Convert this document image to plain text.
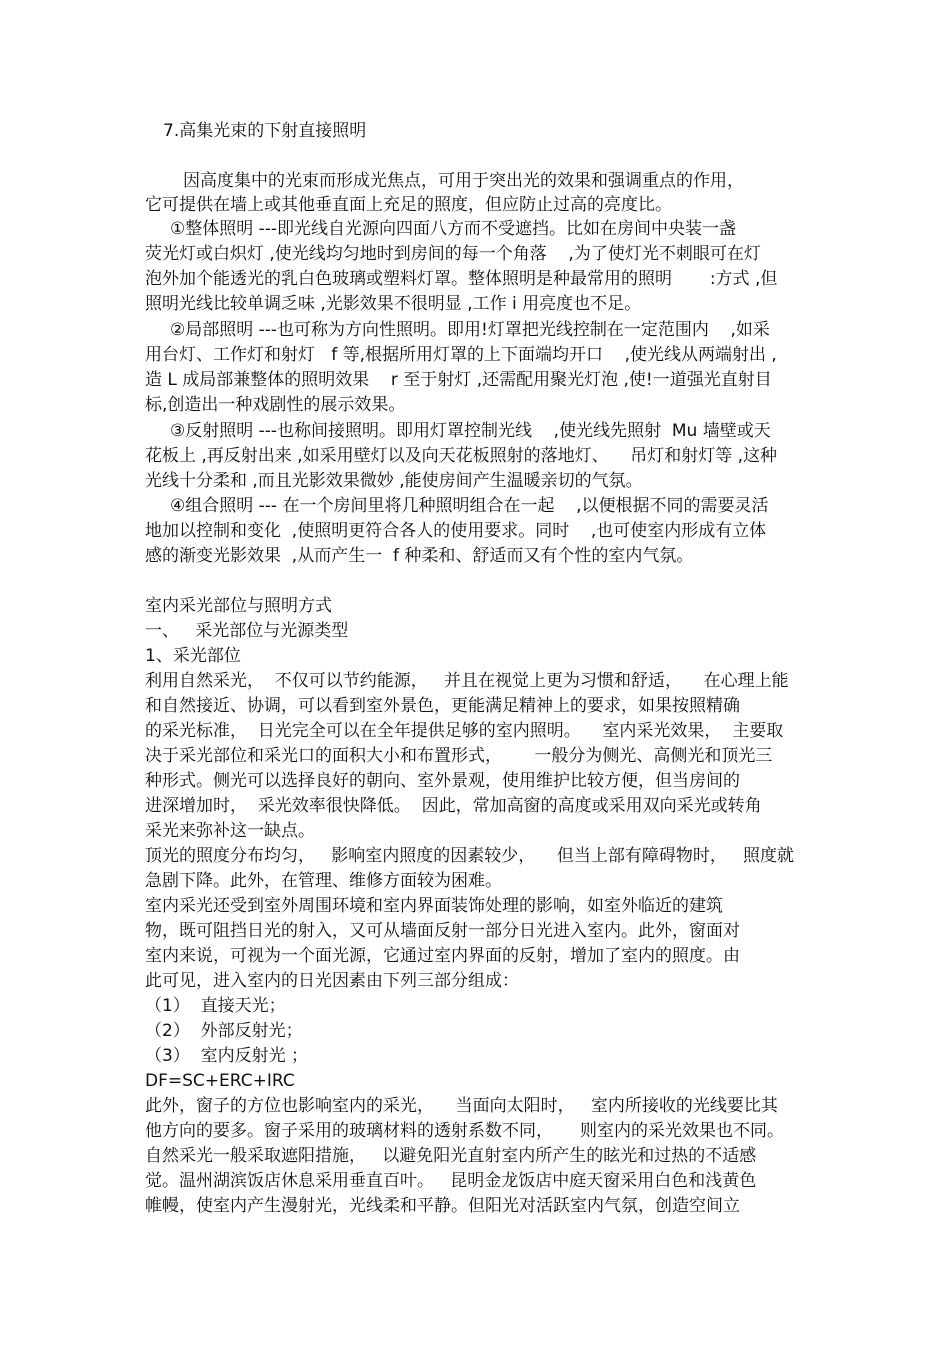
7.高集光束的下射直接照明
因高度集中的光束而形成光焦点，可用于突出光的效果和强调重点的作用，
它可提供在墙上或其他垂直面上充足的照度，但应防止过高的亮度比。
①整体照明 ---即光线自光源向四面八方而不受遮挡。比如在房间中央装一盏
荧光灯或白炽灯 ,使光线均匀地时到房间的每一个角落    ,为了使灯光不刺眼可在灯
泡外加个能透光的乳白色玻璃或塑料灯罩。整体照明是种最常用的照明       :方式 ,但
照明光线比较单调乏味 ,光影效果不很明显 ,工作 i 用亮度也不足。
②局部照明 ---也可称为方向性照明。即用!灯罩把光线控制在一定范围内    ,如采
用台灯、工作灯和射灯   f 等,根据所用灯罩的上下面端均开口    ,使光线从两端射出 ,
造 L 成局部兼整体的照明效果    r 至于射灯 ,还需配用聚光灯泡 ,使!一道强光直射目
标,创造出一种戏剧性的展示效果。
③反射照明 ---也称间接照明。即用灯罩控制光线    ,使光线先照射  Mu 墙壁或天
花板上 ,再反射出来 ,如采用壁灯以及向天花板照射的落地灯、    吊灯和射灯等 ,这种
光线十分柔和 ,而且光影效果微妙 ,能使房间产生温暖亲切的气氛。
④组合照明 --- 在一个房间里将几种照明组合在一起    ,以便根据不同的需要灵活
地加以控制和变化  ,使照明更符合各人的使用要求。同时    ,也可使室内形成有立体
感的渐变光影效果  ,从而产生一  f 种柔和、舒适而又有个性的室内气氛。
室内采光部位与照明方式
一、   采光部位与光源类型
1、采光部位
利用自然采光，  不仅可以节约能源，   并且在视觉上更为习惯和舒适，    在心理上能
和自然接近、协调，可以看到室外景色，更能满足精神上的要求，如果按照精确
的采光标准，  日光完全可以在全年提供足够的室内照明。    室内采光效果，  主要取
决于采光部位和采光口的面积大小和布置形式，      一般分为侧光、高侧光和顶光三
种形式。侧光可以选择良好的朝向、室外景观，使用维护比较方便，但当房间的
进深增加时，  采光效率很快降低。  因此，常加高窗的高度或采用双向采光或转角
采光来弥补这一缺点。
顶光的照度分布均匀，   影响室内照度的因素较少，    但当上部有障碍物时，   照度就
急剧下降。此外，在管理、维修方面较为困难。
室内采光还受到室外周围环境和室内界面装饰处理的影响，如室外临近的建筑
物，既可阻挡日光的射入，又可从墙面反射一部分日光进入室内。此外，窗面对
室内来说，可视为一个面光源，它通过室内界面的反射，增加了室内的照度。由
此可见，进入室内的日光因素由下列三部分组成：
（1）  直接天光；
（2）  外部反射光；
（3）  室内反射光 ；
DF=SC+ERC+IRC
此外，窗子的方位也影响室内的采光，    当面向太阳时，   室内所接收的光线要比其
他方向的要多。窗子采用的玻璃材料的透射系数不同，     则室内的采光效果也不同。
自然采光一般采取遮阳措施，   以避免阳光直射室内所产生的眩光和过热的不适感
觉。温州湖滨饭店休息采用垂直百叶。   昆明金龙饭店中庭天窗采用白色和浅黄色
帷幔，使室内产生漫射光，光线柔和平静。但阳光对活跃室内气氛，创造空间立
